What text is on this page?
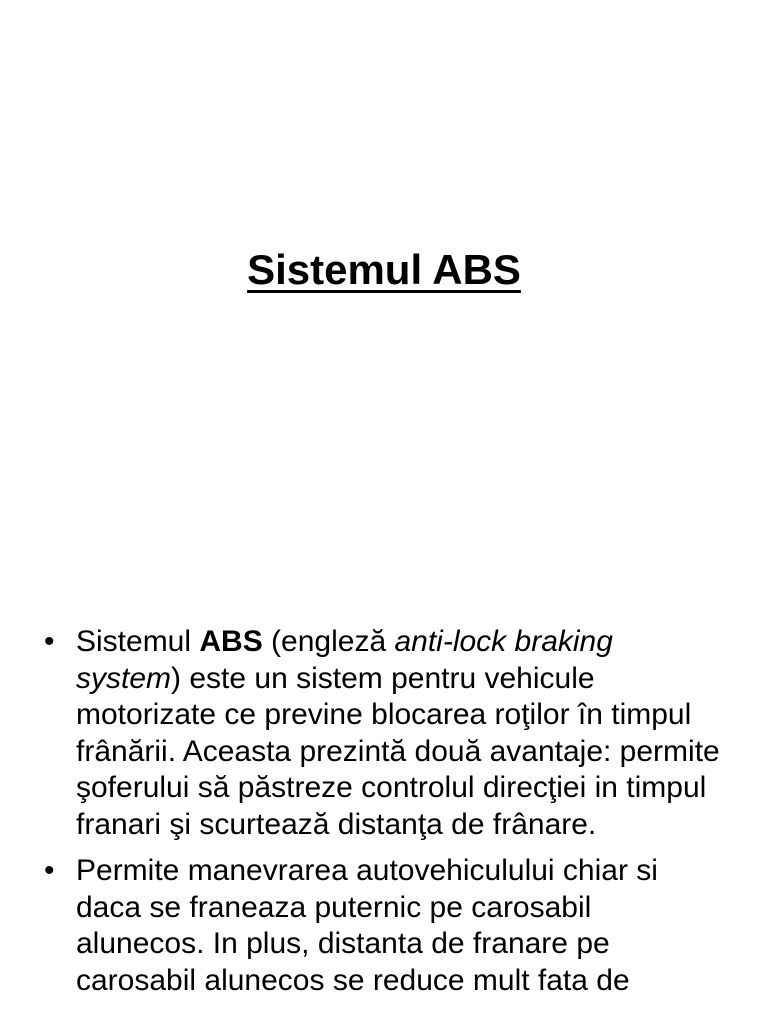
Sistemul ABS
• Sistemul ABS (engleză anti-lock braking
system) este un sistem pentru vehicule motorizate ce previne blocarea roţilor în timpul frânării. Aceasta prezintă două avantaje: permite şoferului să păstreze controlul direcţiei in timpul franari şi scurtează distanţa de frânare.
• Permite manevrarea autovehiculului chiar si daca se franeaza puternic pe carosabil alunecos. In plus, distanta de franare pe carosabil alunecos se reduce mult fata de
